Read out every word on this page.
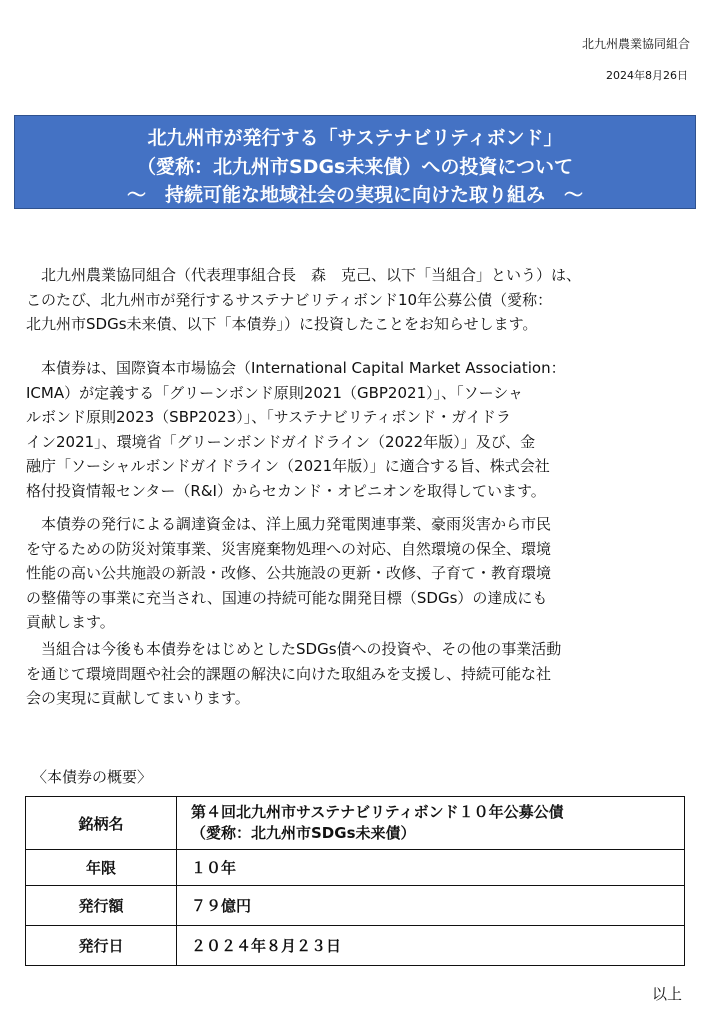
北九州農業協同組合
2024年8月26日
北九州市が発行する「サステナビリティボンド」
（愛称：北九州市SDGs未来債）への投資について
～　持続可能な地域社会の実現に向けた取り組み　～
北九州農業協同組合（代表理事組合長　森　克己、以下「当組合」という）は、
このたび、北九州市が発行するサステナビリティボンド10年公募公債（愛称：
北九州市SDGs未来債、以下「本債券」）に投資したことをお知らせします。
本債券は、国際資本市場協会（International Capital Market Association：
ICMA）が定義する「グリーンボンド原則2021（GBP2021）」、「ソーシャ
ルボンド原則2023（SBP2023）」、「サステナビリティボンド・ガイドラ
イン2021」、環境省「グリーンボンドガイドライン（2022年版）」及び、金
融庁「ソーシャルボンドガイドライン（2021年版）」に適合する旨、株式会社
格付投資情報センター（R&I）からセカンド・オピニオンを取得しています。
本債券の発行による調達資金は、洋上風力発電関連事業、豪雨災害から市民
を守るための防災対策事業、災害廃棄物処理への対応、自然環境の保全、環境
性能の高い公共施設の新設・改修、公共施設の更新・改修、子育て・教育環境
の整備等の事業に充当され、国連の持続可能な開発目標（SDGs）の達成にも
貢献します。
当組合は今後も本債券をはじめとしたSDGs債への投資や、その他の事業活動
を通じて環境問題や社会的課題の解決に向けた取組みを支援し、持続可能な社
会の実現に貢献してまいります。
〈本債券の概要〉
銘柄名	第４回北九州市サステナビリティボンド１０年公募公債
（愛称：北九州市SDGs未来債）

年限	１０年
発行額	７９億円
発行日	２０２４年８月２３日
以上
